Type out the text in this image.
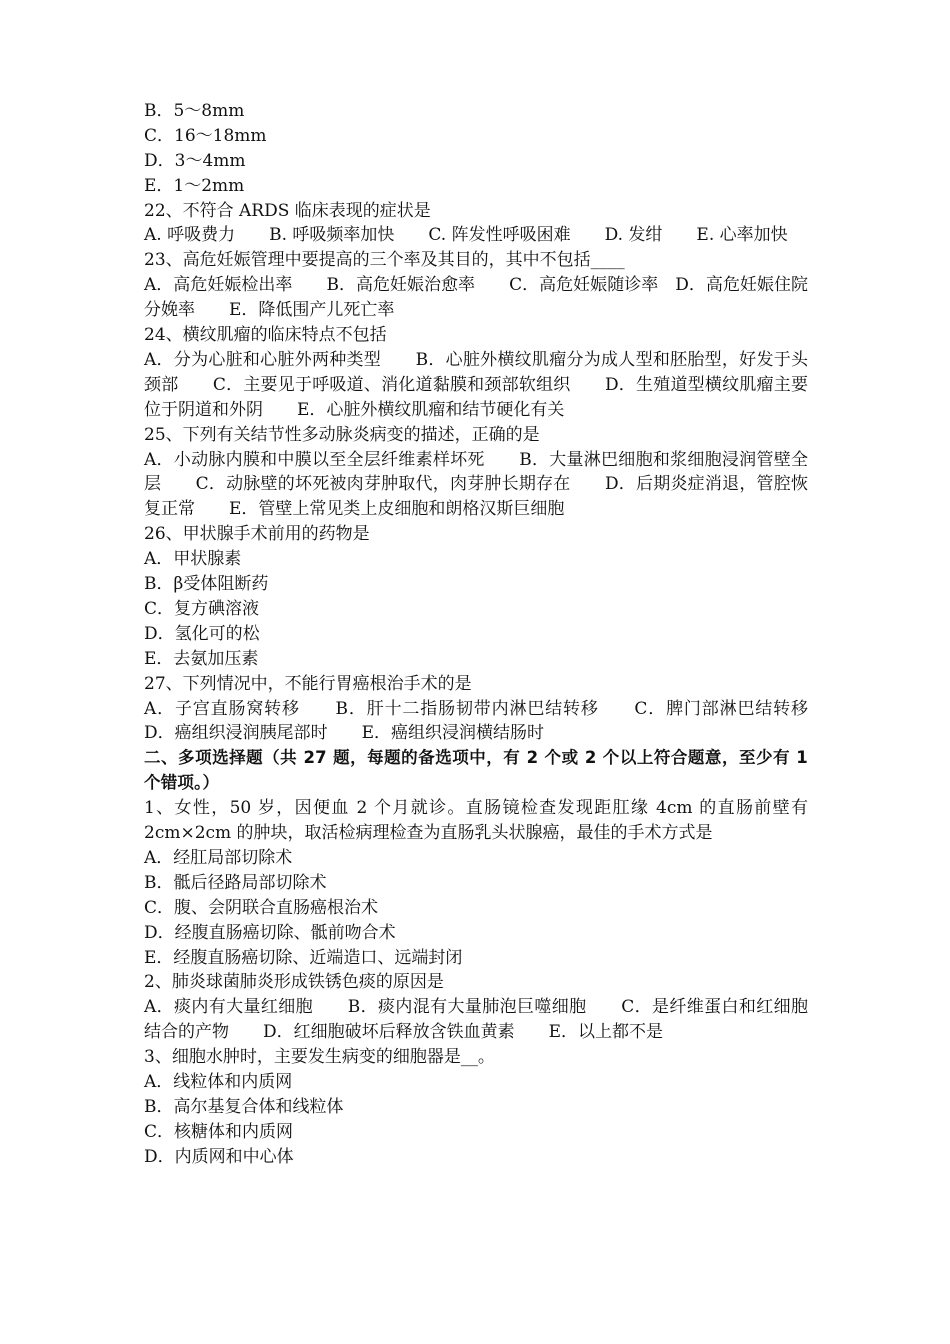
B．5～8mm
C．16～18mm
D．3～4mm
E．1～2mm
22、不符合 ARDS 临床表现的症状是
A. 呼吸费力　　B. 呼吸频率加快　　C. 阵发性呼吸困难　　D. 发绀　　E. 心率加快
23、高危妊娠管理中要提高的三个率及其目的，其中不包括____
A．高危妊娠检出率　　B．高危妊娠治愈率　　C．高危妊娠随诊率　D．高危妊娠住院分娩率　　E．降低围产儿死亡率
24、横纹肌瘤的临床特点不包括
A．分为心脏和心脏外两种类型　　B．心脏外横纹肌瘤分为成人型和胚胎型，好发于头颈部　　C．主要见于呼吸道、消化道黏膜和颈部软组织　　D．生殖道型横纹肌瘤主要位于阴道和外阴　　E．心脏外横纹肌瘤和结节硬化有关
25、下列有关结节性多动脉炎病变的描述，正确的是
A．小动脉内膜和中膜以至全层纤维素样坏死　　B．大量淋巴细胞和浆细胞浸润管壁全层　　C．动脉壁的坏死被肉芽肿取代，肉芽肿长期存在　　D．后期炎症消退，管腔恢复正常　　E．管壁上常见类上皮细胞和朗格汉斯巨细胞
26、甲状腺手术前用的药物是
A．甲状腺素
B．β受体阻断药
C．复方碘溶液
D．氢化可的松
E．去氨加压素
27、下列情况中，不能行胃癌根治手术的是
A．子宫直肠窝转移　　B．肝十二指肠韧带内淋巴结转移　　C．脾门部淋巴结转移　　D．癌组织浸润胰尾部时　　E．癌组织浸润横结肠时
二、多项选择题（共 27 题，每题的备选项中，有 2 个或 2 个以上符合题意，至少有 1 个错项。）
1、女性，50 岁，因便血 2 个月就诊。直肠镜检查发现距肛缘 4cm 的直肠前壁有 2cm×2cm 的肿块，取活检病理检查为直肠乳头状腺癌，最佳的手术方式是
A．经肛局部切除术
B．骶后径路局部切除术
C．腹、会阴联合直肠癌根治术
D．经腹直肠癌切除、骶前吻合术
E．经腹直肠癌切除、近端造口、远端封闭
2、肺炎球菌肺炎形成铁锈色痰的原因是
A．痰内有大量红细胞　　B．痰内混有大量肺泡巨噬细胞　　C．是纤维蛋白和红细胞结合的产物　　D．红细胞破坏后释放含铁血黄素　　E．以上都不是
3、细胞水肿时，主要发生病变的细胞器是__。
A．线粒体和内质网
B．高尔基复合体和线粒体
C．核糖体和内质网
D．内质网和中心体
